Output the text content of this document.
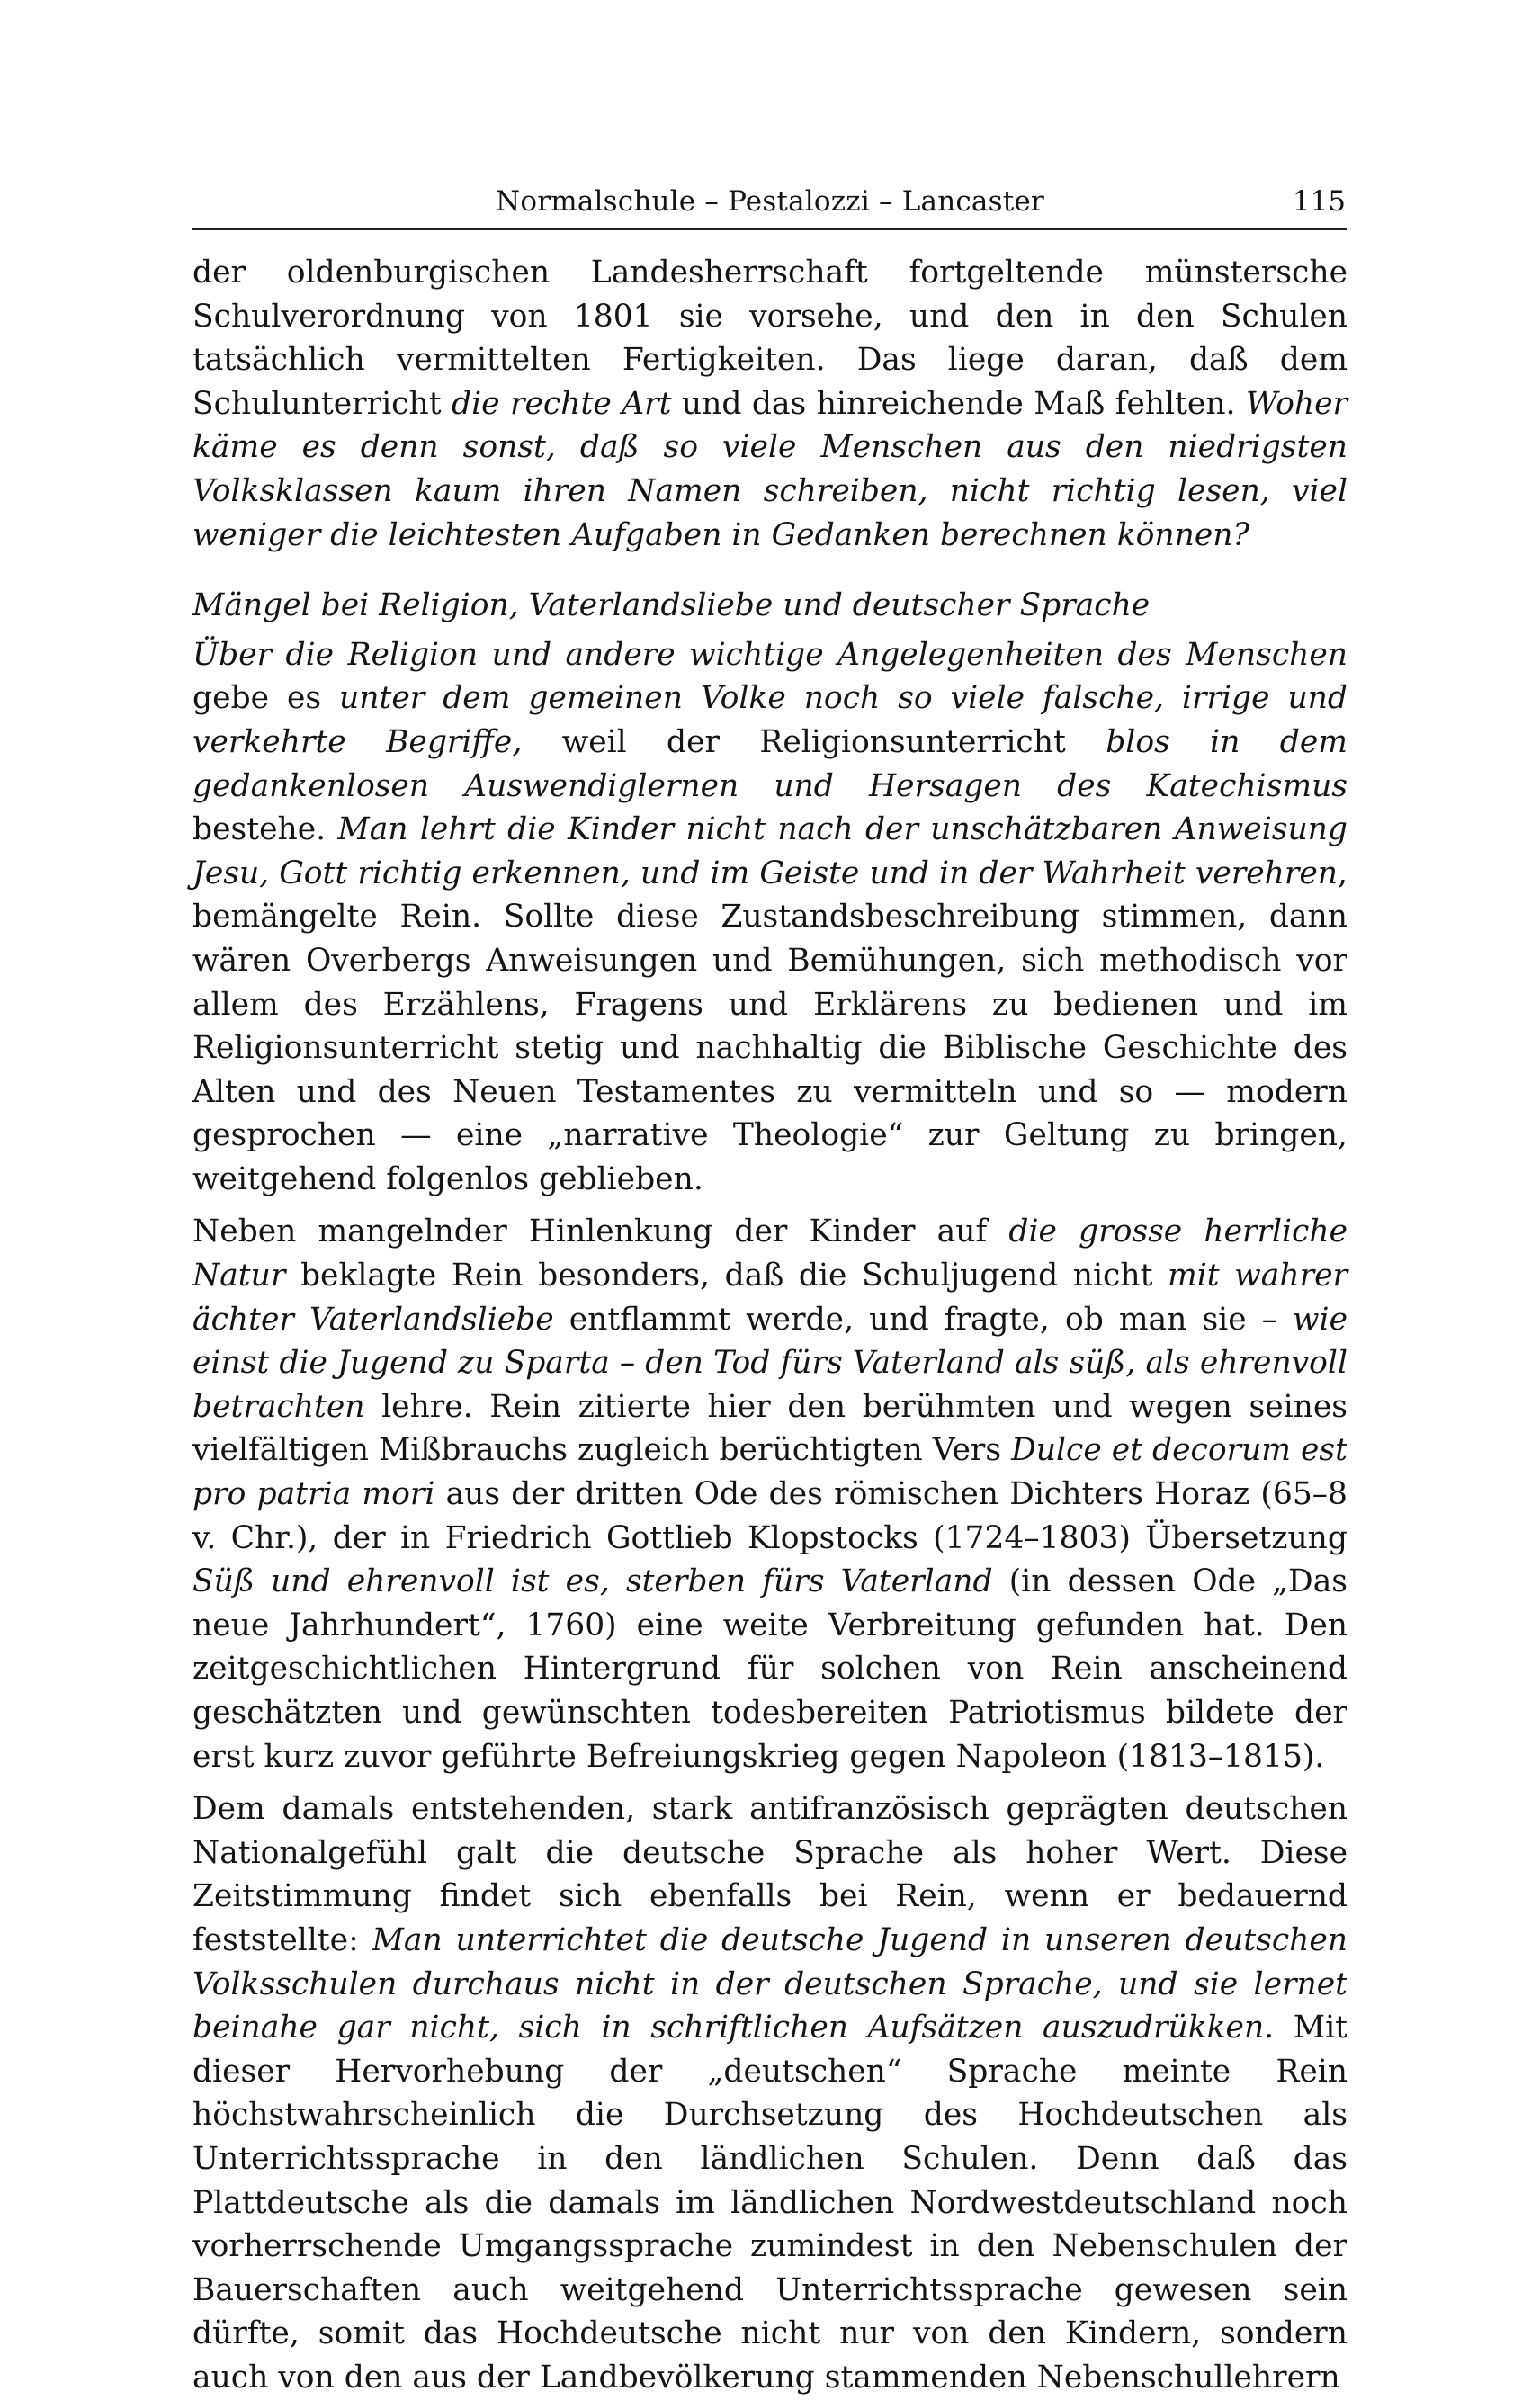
Normalschule – Pestalozzi – Lancaster	115

der oldenburgischen Landesherrschaft fortgeltende münstersche Schulverordnung von 1801 sie vorsehe, und den in den Schulen tatsächlich vermittelten Fertigkeiten. Das liege daran, daß dem Schulunterricht die rechte Art und das hinreichende Maß fehlten. Woher käme es denn sonst, daß so viele Menschen aus den niedrigsten Volksklassen kaum ihren Namen schreiben, nicht richtig lesen, viel weniger die leichtesten Aufgaben in Gedanken berechnen können?

Mängel bei Religion, Vaterlandsliebe und deutscher Sprache

Über die Religion und andere wichtige Angelegenheiten des Menschen gebe es unter dem gemeinen Volke noch so viele falsche, irrige und verkehrte Begriffe, weil der Religionsunterricht blos in dem gedankenlosen Auswendiglernen und Hersagen des Katechismus bestehe. Man lehrt die Kinder nicht nach der unschätzbaren Anweisung Jesu, Gott richtig erkennen, und im Geiste und in der Wahrheit verehren, bemängelte Rein. Sollte diese Zustandsbeschreibung stimmen, dann wären Overbergs Anweisungen und Bemühungen, sich methodisch vor allem des Erzählens, Fragens und Erklärens zu bedienen und im Religionsunterricht stetig und nachhaltig die Biblische Geschichte des Alten und des Neuen Testamentes zu vermitteln und so — modern gesprochen — eine „narrative Theologie“ zur Geltung zu bringen, weitgehend folgenlos geblieben.

Neben mangelnder Hinlenkung der Kinder auf die grosse herrliche Natur beklagte Rein besonders, daß die Schuljugend nicht mit wahrer ächter Vaterlandsliebe entflammt werde, und fragte, ob man sie – wie einst die Jugend zu Sparta – den Tod fürs Vaterland als süß, als ehrenvoll betrachten lehre. Rein zitierte hier den berühmten und wegen seines vielfältigen Mißbrauchs zugleich berüchtigten Vers Dulce et decorum est pro patria mori aus der dritten Ode des römischen Dichters Horaz (65–8 v. Chr.), der in Friedrich Gottlieb Klopstocks (1724–1803) Übersetzung Süß und ehrenvoll ist es, sterben fürs Vaterland (in dessen Ode „Das neue Jahrhundert“, 1760) eine weite Verbreitung gefunden hat. Den zeitgeschichtlichen Hintergrund für solchen von Rein anscheinend geschätzten und gewünschten todesbereiten Patriotismus bildete der erst kurz zuvor geführte Befreiungskrieg gegen Napoleon (1813–1815).

Dem damals entstehenden, stark antifranzösisch geprägten deutschen Nationalgefühl galt die deutsche Sprache als hoher Wert. Diese Zeitstimmung findet sich ebenfalls bei Rein, wenn er bedauernd feststellte: Man unterrichtet die deutsche Jugend in unseren deutschen Volksschulen durchaus nicht in der deutschen Sprache, und sie lernet beinahe gar nicht, sich in schriftlichen Aufsätzen auszudrükken. Mit dieser Hervorhebung der „deutschen“ Sprache meinte Rein höchstwahrscheinlich die Durchsetzung des Hochdeutschen als Unterrichtssprache in den ländlichen Schulen. Denn daß das Plattdeutsche als die damals im ländlichen Nordwestdeutschland noch vorherrschende Umgangssprache zumindest in den Nebenschulen der Bauerschaften auch weitgehend Unterrichtssprache gewesen sein dürfte, somit das Hochdeutsche nicht nur von den Kindern, sondern auch von den aus der Landbevölkerung stammenden Nebenschullehrern
